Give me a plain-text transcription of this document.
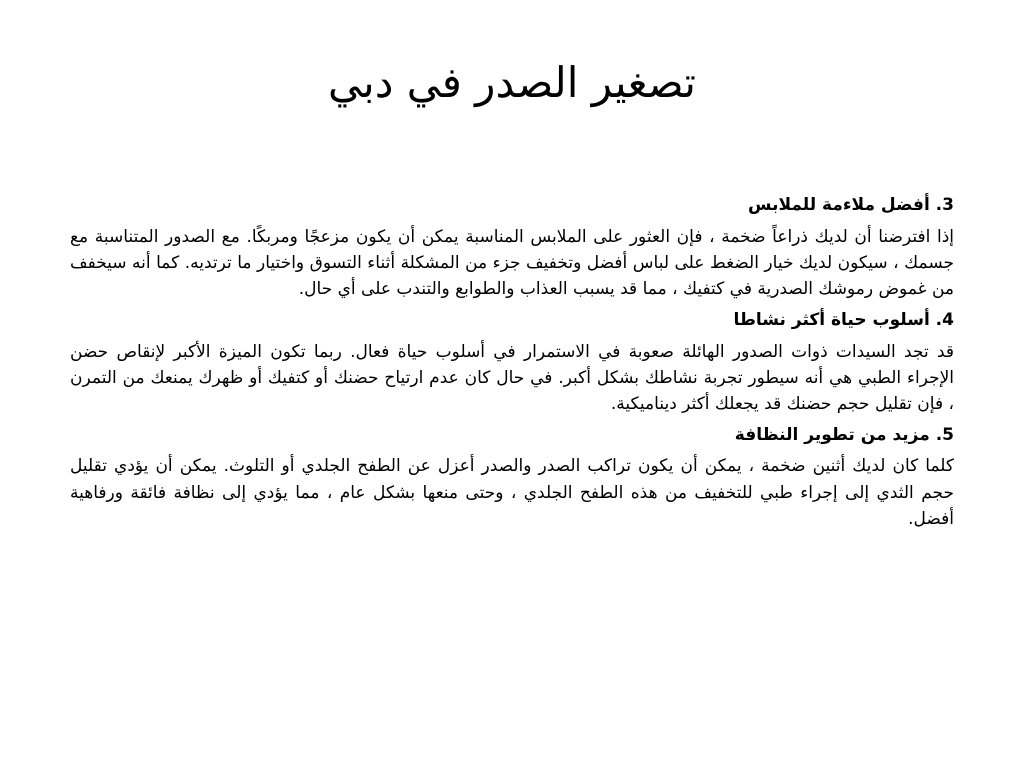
تصغير الصدر في دبي

3. أفضل ملاءمة للملابس

إذا افترضنا أن لديك ذراعاً ضخمة ، فإن العثور على الملابس المناسبة يمكن أن يكون مزعجًا ومربكًا. مع الصدور المتناسبة مع جسمك ، سيكون لديك خيار الضغط على لباس أفضل وتخفيف جزء من المشكلة أثناء التسوق واختيار ما ترتديه. كما أنه سيخفف من غموض رموشك الصدرية في كتفيك ، مما قد يسبب العذاب والطوابع والتندب على أي حال.

4. أسلوب حياة أكثر نشاطا

قد تجد السيدات ذوات الصدور الهائلة صعوبة في الاستمرار في أسلوب حياة فعال. ربما تكون الميزة الأكبر لإنقاص حضن الإجراء الطبي هي أنه سيطور تجربة نشاطك بشكل أكبر. في حال كان عدم ارتياح حضنك أو كتفيك أو ظهرك يمنعك من التمرن ، فإن تقليل حجم حضنك قد يجعلك أكثر ديناميكية.

5. مزيد من تطوير النظافة

كلما كان لديك أثنين ضخمة ، يمكن أن يكون تراكب الصدر والصدر أعزل عن الطفح الجلدي أو التلوث. يمكن أن يؤدي تقليل حجم الثدي إلى إجراء طبي للتخفيف من هذه الطفح الجلدي ، وحتى منعها بشكل عام ، مما يؤدي إلى نظافة فائقة ورفاهية أفضل.
